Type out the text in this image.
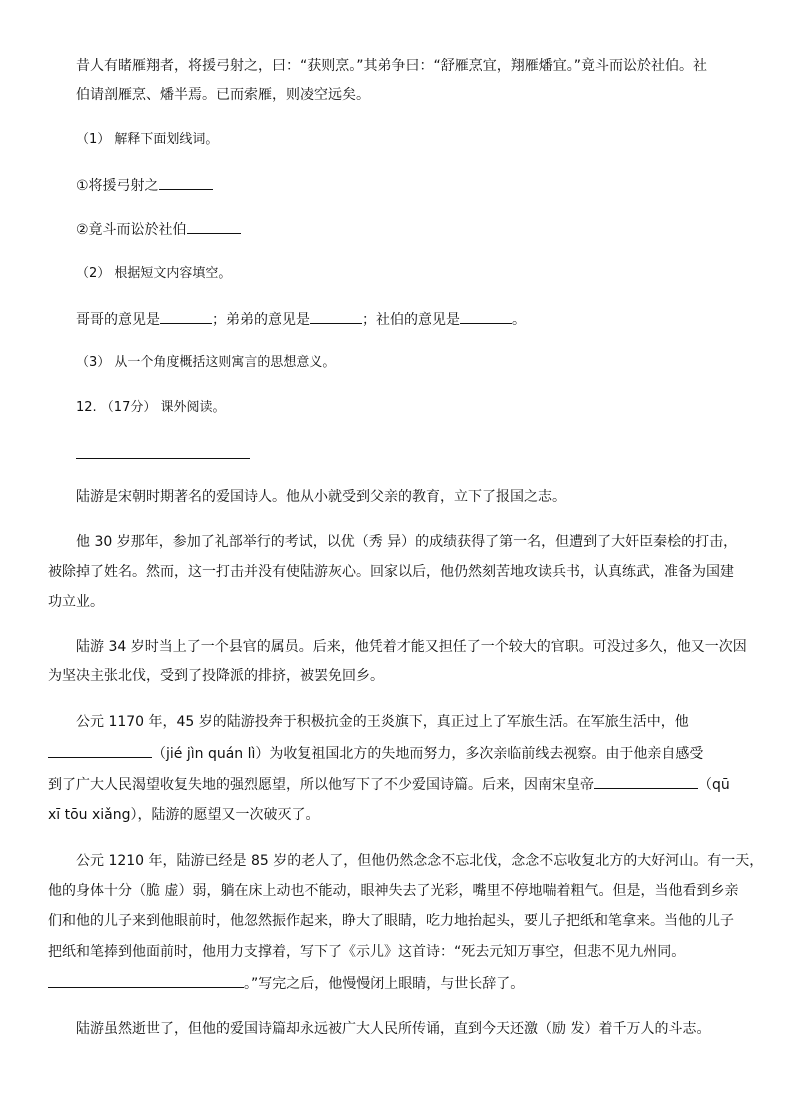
昔人有睹雁翔者，将援弓射之，曰：“获则烹。”其弟争曰：“舒雁烹宜，翔雁燔宜。”竟斗而讼於社伯。社
伯请剖雁烹、燔半焉。已而索雁，则凌空远矣。
（1） 解释下面划线词。
①将援弓射之
②竟斗而讼於社伯
（2） 根据短文内容填空。
哥哥的意见是	；弟弟的意见是	；社伯的意见是	。
（3） 从一个角度概括这则寓言的思想意义。
12. （17分） 课外阅读。
陆游是宋朝时期著名的爱国诗人。他从小就受到父亲的教育，立下了报国之志。
他 30 岁那年，参加了礼部举行的考试，以优（秀 异）的成绩获得了第一名，但遭到了大奸臣秦桧的打击，
被除掉了姓名。然而，这一打击并没有使陆游灰心。回家以后，他仍然刻苦地攻读兵书，认真练武，准备为国建
功立业。
陆游 34 岁时当上了一个县官的属员。后来，他凭着才能又担任了一个较大的官职。可没过多久，他又一次因
为坚决主张北伐，受到了投降派的排挤，被罢免回乡。
公元 1170 年，45 岁的陆游投奔于积极抗金的王炎旗下，真正过上了军旅生活。在军旅生活中，他
（jié jìn quán lì）为收复祖国北方的失地而努力，多次亲临前线去视察。由于他亲自感受
到了广大人民渴望收复失地的强烈愿望，所以他写下了不少爱国诗篇。后来，因南宋皇帝	（qū
xī tōu xiǎng），陆游的愿望又一次破灭了。
公元 1210 年，陆游已经是 85 岁的老人了，但他仍然念念不忘北伐，念念不忘收复北方的大好河山。有一天，
他的身体十分（脆 虚）弱，躺在床上动也不能动，眼神失去了光彩，嘴里不停地喘着粗气。但是，当他看到乡亲
们和他的儿子来到他眼前时，他忽然振作起来，睁大了眼睛，吃力地抬起头，要儿子把纸和笔拿来。当他的儿子
把纸和笔捧到他面前时，他用力支撑着，写下了《示儿》这首诗：“死去元知万事空，但悲不见九州同。
。”写完之后，他慢慢闭上眼睛，与世长辞了。
陆游虽然逝世了，但他的爱国诗篇却永远被广大人民所传诵，直到今天还激（励 发）着千万人的斗志。
